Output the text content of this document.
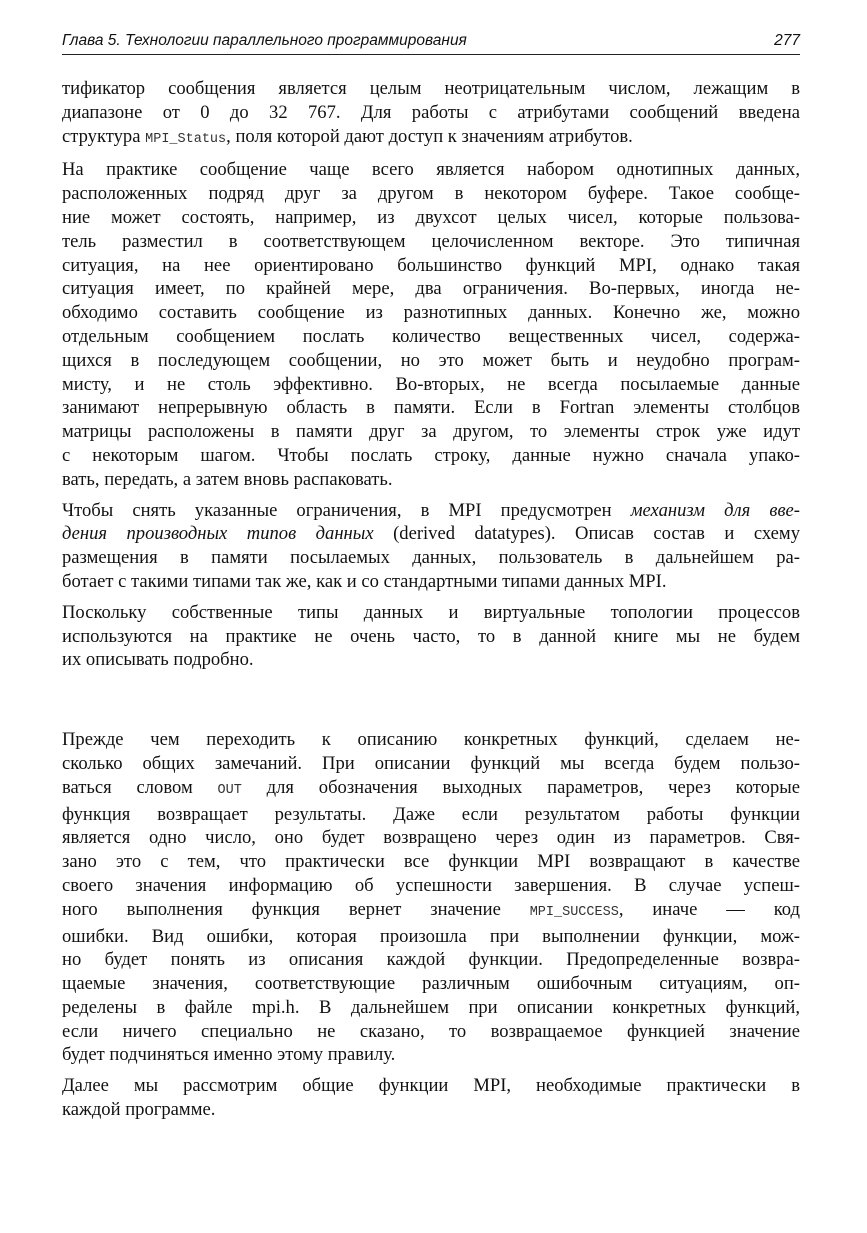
Глава 5. Технологии параллельного программирования	277

тификатор сообщения является целым неотрицательным числом, лежащим в
диапазоне от 0 до 32 767. Для работы с атрибутами сообщений введена
структура MPI_Status, поля которой дают доступ к значениям атрибутов.

На практике сообщение чаще всего является набором однотипных данных,
расположенных подряд друг за другом в некотором буфере. Такое сообще-
ние может состоять, например, из двухсот целых чисел, которые пользова-
тель разместил в соответствующем целочисленном векторе. Это типичная
ситуация, на нее ориентировано большинство функций MPI, однако такая
ситуация имеет, по крайней мере, два ограничения. Во-первых, иногда не-
обходимо составить сообщение из разнотипных данных. Конечно же, можно
отдельным сообщением послать количество вещественных чисел, содержа-
щихся в последующем сообщении, но это может быть и неудобно програм-
мисту, и не столь эффективно. Во-вторых, не всегда посылаемые данные
занимают непрерывную область в памяти. Если в Fortran элементы столбцов
матрицы расположены в памяти друг за другом, то элементы строк уже идут
с некоторым шагом. Чтобы послать строку, данные нужно сначала упако-
вать, передать, а затем вновь распаковать.

Чтобы снять указанные ограничения, в MPI предусмотрен механизм для вве-
дения производных типов данных (derived datatypes). Описав состав и схему
размещения в памяти посылаемых данных, пользователь в дальнейшем ра-
ботает с такими типами так же, как и со стандартными типами данных MPI.

Поскольку собственные типы данных и виртуальные топологии процессов
используются на практике не очень часто, то в данной книге мы не будем
их описывать подробно.

Прежде чем переходить к описанию конкретных функций, сделаем не-
сколько общих замечаний. При описании функций мы всегда будем пользо-
ваться словом OUT для обозначения выходных параметров, через которые
функция возвращает результаты. Даже если результатом работы функции
является одно число, оно будет возвращено через один из параметров. Свя-
зано это с тем, что практически все функции MPI возвращают в качестве
своего значения информацию об успешности завершения. В случае успеш-
ного выполнения функция вернет значение MPI_SUCCESS, иначе — код
ошибки. Вид ошибки, которая произошла при выполнении функции, мож-
но будет понять из описания каждой функции. Предопределенные возвра-
щаемые значения, соответствующие различным ошибочным ситуациям, оп-
ределены в файле mpi.h. В дальнейшем при описании конкретных функций,
если ничего специально не сказано, то возвращаемое функцией значение
будет подчиняться именно этому правилу.

Далее мы рассмотрим общие функции MPI, необходимые практически в
каждой программе.
